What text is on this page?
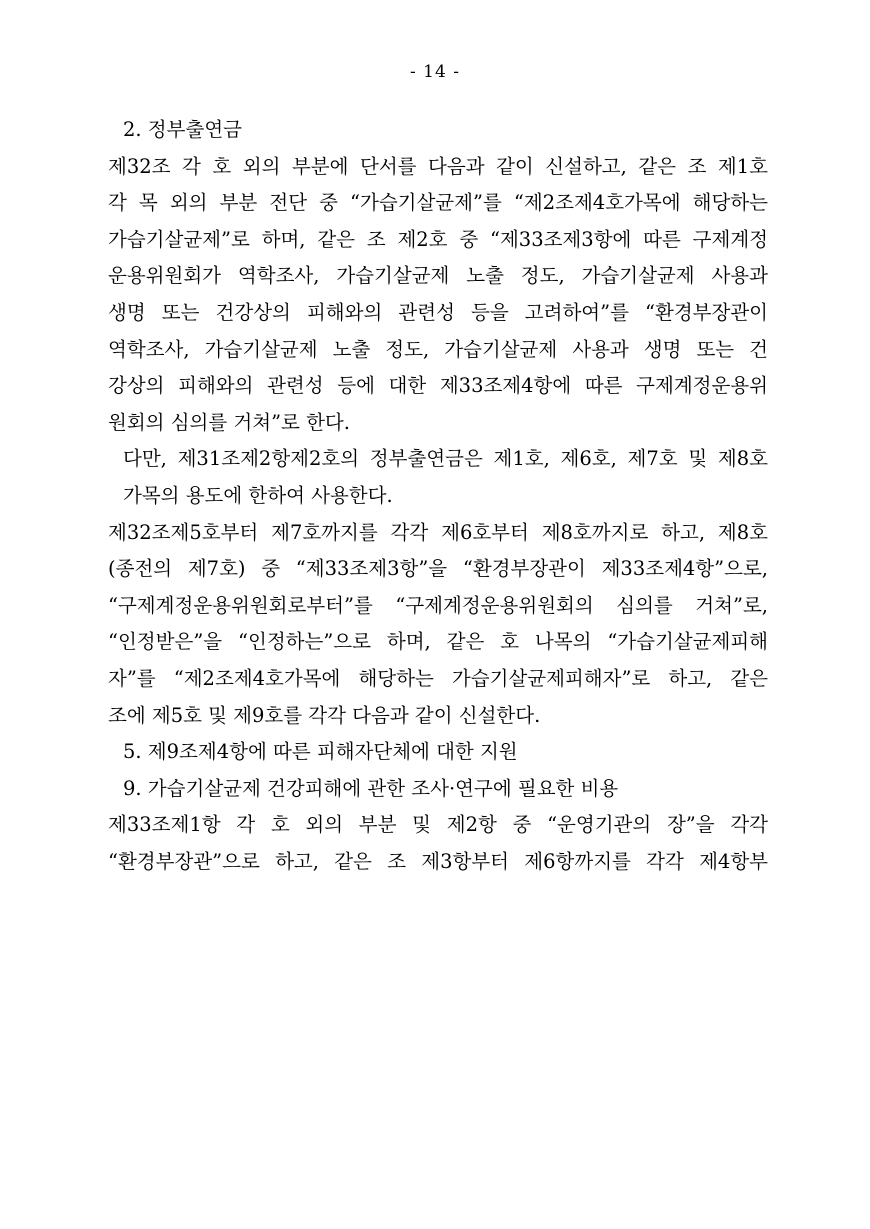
- 14 -
2. 정부출연금
제32조 각 호 외의 부분에 단서를 다음과 같이 신설하고, 같은 조 제1호
각 목 외의 부분 전단 중 “가습기살균제”를 “제2조제4호가목에 해당하는
가습기살균제”로 하며, 같은 조 제2호 중 “제33조제3항에 따른 구제계정
운용위원회가 역학조사, 가습기살균제 노출 정도, 가습기살균제 사용과
생명 또는 건강상의 피해와의 관련성 등을 고려하여”를 “환경부장관이
역학조사, 가습기살균제 노출 정도, 가습기살균제 사용과 생명 또는 건
강상의 피해와의 관련성 등에 대한 제33조제4항에 따른 구제계정운용위
원회의 심의를 거쳐”로 한다.
다만, 제31조제2항제2호의 정부출연금은 제1호, 제6호, 제7호 및 제8호
가목의 용도에 한하여 사용한다.
제32조제5호부터 제7호까지를 각각 제6호부터 제8호까지로 하고, 제8호
(종전의 제7호) 중 “제33조제3항”을 “환경부장관이 제33조제4항”으로,
“구제계정운용위원회로부터”를 “구제계정운용위원회의 심의를 거쳐”로,
“인정받은”을 “인정하는”으로 하며, 같은 호 나목의 “가습기살균제피해
자”를 “제2조제4호가목에 해당하는 가습기살균제피해자”로 하고, 같은
조에 제5호 및 제9호를 각각 다음과 같이 신설한다.
5. 제9조제4항에 따른 피해자단체에 대한 지원
9. 가습기살균제 건강피해에 관한 조사·연구에 필요한 비용
제33조제1항 각 호 외의 부분 및 제2항 중 “운영기관의 장”을 각각
“환경부장관”으로 하고, 같은 조 제3항부터 제6항까지를 각각 제4항부
